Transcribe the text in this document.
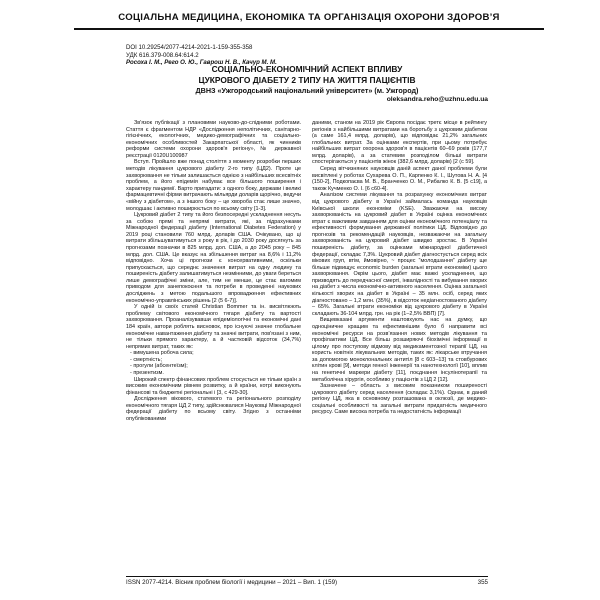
СОЦІАЛЬНА МЕДИЦИНА, ЕКОНОМІКА ТА ОРГАНІЗАЦІЯ ОХОРОНИ ЗДОРОВ’Я
DOI 10.29254/2077-4214-2021-1-159-355-358
УДК 616.379-008.64:614.2
Росоха І. М., Рего О. Ю., Гаврош Н. В., Качур М. М.
СОЦІАЛЬНО-ЕКОНОМІЧНИЙ АСПЕКТ ВПЛИВУ
ЦУКРОВОГО ДІАБЕТУ 2 ТИПУ НА ЖИТТЯ ПАЦІЄНТІВ
ДВНЗ «Ужгородський національний університет» (м. Ужгород)
oleksandra.reho@uzhnu.edu.ua

Зв'язок публікації з плановими науково-до-слідними роботами. Стаття є фрагментом НДР «Дослідження неполітичних, санітарно-гігієнічних, екологічних, медико-демографічних та соціально-економічних особливостей Закарпатської області, як чинників реформи системи охорони здоров'я регіону», № державної реєстрації 0120U100987

Вступ. Пройшло вже понад століття з моменту розробки перших методів лікування цукрового діабету 2-го типу (ЦД2). Проте це захворювання не тільки залишається однією з найбільших всесвітніх проблем, а його епідемія набуває все більшого поширення і характеру пандемії. Варто пригадати: з одного боку, держави і великі фармацевтичні фірми витрачають мільярди доларів щорічно, ведучи «війну з діабетом», а з іншого боку – це хвороба стає лише значно, молодшає і активно поширюється по всьому світу [1-3].

Цукровий діабет 2 типу та його безпосередні ускладнення несуть за собою прямі та непрямі витрати, які, за підрахунками Міжнародної федерації діабету (International Diabetes Federation) у 2019 році становили 760 млрд. доларів США. Очікувано, що ці витрати збільшуватимуться з року в рік, і до 2030 року досягнуть за прогнозами позначки в 825 млрд. дол. США, а до 2045 року – 845 млрд. дол. США. Це вказує на збільшення витрат на 8,6% і 11,2% відповідно. Хоча ці прогнози є консервативними, оскільки припускається, що середнє значення витрат на одну людину та поширеність діабету залишатимуться незмінними, до уваги береться лише демографічні зміни, але, тим не менше, це стає вагомим приводом для занепокоєння та потреби в проведенні наукових досліджень з метою подальшого впровадження ефективних економічно-управлінських рішень [2 (5 6-7)].

У одній із своїх статей Christian Bommer та ін. висвітлюють проблему світового економічного тягаря діабету та вартості захворювання. Проаналізувавши епідеміологічні та економічні дані 184 країн, автори роблять висновок, про існуючі значне глобальне економічне навантаження діабету та значні витрати, пов'язані з ним, не тільки прямого характеру, а й частковій відсоток (34,7%) непрямих витрат, таких як:

- вимушена робоча сила;
- смертність;
- прогули (абсентеїзм);
- презентизм.

Широкий спектр фінансових проблем стосується не тільки країн з високим економічним рівнем розвитку, а й країни, котрі виконують фінансові та бюджетні регіональні і [3, с 429-30].

Дослідження вікового, статевого та регіонального розподілу економічного тягаря ЦД 2 типу, здійснювалися Науковці Міжнародної федерації діабету по всьому світу. Згідно з останніми опублікованими

даними, станом на 2019 рік Європа посідає третє місце в рейтингу регіонів з найбільшими витратами на боротьбу з цукровим діабетом (а саме 161,4 млрд. доларів), що відповідає 21,2% загальних глобальних витрат. За оцінками експертів, при цьому потребує найбільших витрат охорона здоров'я в пацієнтів 60–69 років (177,7 млрд. доларів), а за статевим розподілом більші витрати спостерігаються у пацієнтів жінок (382,6 млрд. доларів) [2 (с 59].

Серед вітчизняних науковців даній аспект даної проблеми були висвітлені у роботах Сухарева О. П., Карпенко К. І., Шутова Н. А. [4 (150-2], Подкопаєва М. В., Бранченко О. М., Рибалко К. В. [5 с19], а також Кучменко О. І. [6 с60-4].

Аналізом системи лікування та розрахунку економічних витрат від цукрового діабету в Україні займалась команда науковців Київської школи економіки (KSE). Зважаючи на високу захворюваність на цукровий діабет в Україні оцінка економічних втрат є важливим завданням для оцінки економічного потенціалу та ефективності формування державної політики ЦД. Відповідно до прогнозів та рекомендацій науковців, незважаючи на загальну захворюваність на цукровий діабет швидко зростає. В Україні поширеність діабету, за оцінками міжнародної діабетичної федерації, складає 7,3%. Цукровий діабет діагностується серед всіх вікових груп, втім, ймовірно, ~ процес “молодшання” діабету ще більше підвищує economic burden (загальні втрати економіки) цього захворювання. Окрім цього, діабет має важкі ускладнення, що призводять до передчасної смерті, інвалідності та вибування хворих на діабет з числа економічно-активного населення. Оцінка загальної кількості хворих на діабет в Україні – 35 млн. осіб, серед яких діагностовано – 1,2 млн. (35%), в відсоток недіагностованого діабету – 65%. Загальні втрати економіки від цукрового діабету в Україні складають 36-104 млрд. грн. на рік (1–2,5% ВВП) [7].

Вищевказані аргументи наштовхують нас на думку, що одноціничне кращим та ефективнішим було б направити всі економічні ресурси на розв’язання нових методів лікування та профілактики ЦД. Все більш розширяючі біохімічні інформації в цілому про поступову відмову від медикаментозної терапії ЦД, на користь новітніх лікувальних методів, таких як: лікарське втручання за допомогою моноклональних антитіл [8 с 603–13] та стовбурових клітин крові [9], методи генної інженерії та нанотехнології [10], вплив на генетичні маркери діабету [11], поєднання інсулінотерапії та метаболічна хірургія, особливо у пацієнтів з ЦД 2 [12].

Зазначене – область з високим показником поширеності цукрового діабету серед населення (складає 3,1%). Однак, в даний регіону ЦД, яка в основному розташована в оклюзії, де медико-соціальні особливості та загальні витрати придатність медичного ресурсу. Саме висока потреба та недостатність інформації

ISSN 2077-4214. Вісник проблем біології і медицини – 2021 – Вип. 1 (159)	355
